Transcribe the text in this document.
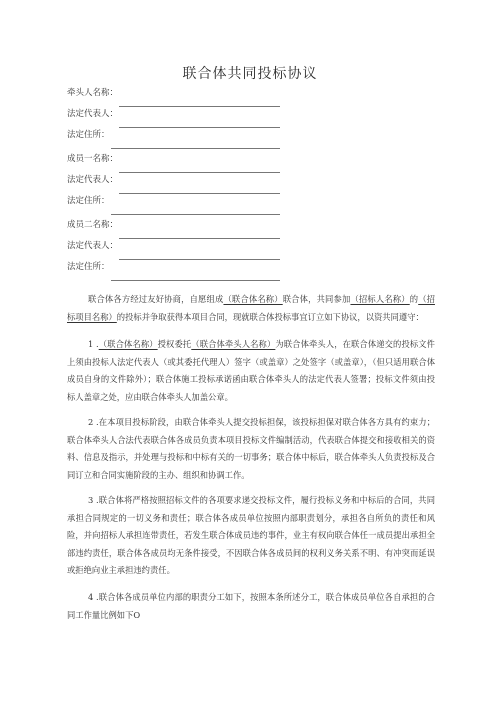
联合体共同投标协议
牵头人名称：
法定代表人：
法定住所：
成员一名称：
法定代表人：
法定住所：
成员二名称：
法定代表人：
法定住所：

联合体各方经过友好协商，自愿组成（联合体名称）联合体，共同参加（招标人名称）的（招标项目名称）的投标并争取获得本项目合同，现就联合体投标事宜订立如下协议，以资共同遵守：

1 .（联合体名称）授权委托（联合体牵头人名称）为联合体牵头人，在联合体递交的投标文件上须由投标人法定代表人（或其委托代理人）签字（或盖章）之处签字（或盖章），（但只适用联合体成员自身的文件除外）；联合体施工投标承诺函由联合体牵头人的法定代表人签署；投标文件须由投标人盖章之处，应由联合体牵头人加盖公章。

2 .在本项目投标阶段，由联合体牵头人提交投标担保，该投标担保对联合体各方具有约束力；联合体牵头人合法代表联合体各成员负责本项目投标文件编制活动，代表联合体提交和接收相关的资料、信息及指示，并处理与投标和中标有关的一切事务；联合体中标后，联合体牵头人负责投标及合同订立和合同实施阶段的主办、组织和协调工作。

3 .联合体将严格按照招标文件的各项要求递交投标文件，履行投标义务和中标后的合同，共同承担合同规定的一切义务和责任；联合体各成员单位按照内部职责划分，承担各自所负的责任和风险，并向招标人承担连带责任，若发生联合体成员违约事件，业主有权向联合体任一成员提出承担全部违约责任，联合体各成员均无条件接受，不因联合体各成员间的权利义务关系不明、有冲突而延误或拒绝向业主承担违约责任。

4 .联合体各成员单位内部的职责分工如下，按照本条所述分工，联合体成员单位各自承担的合同工作量比例如下O
